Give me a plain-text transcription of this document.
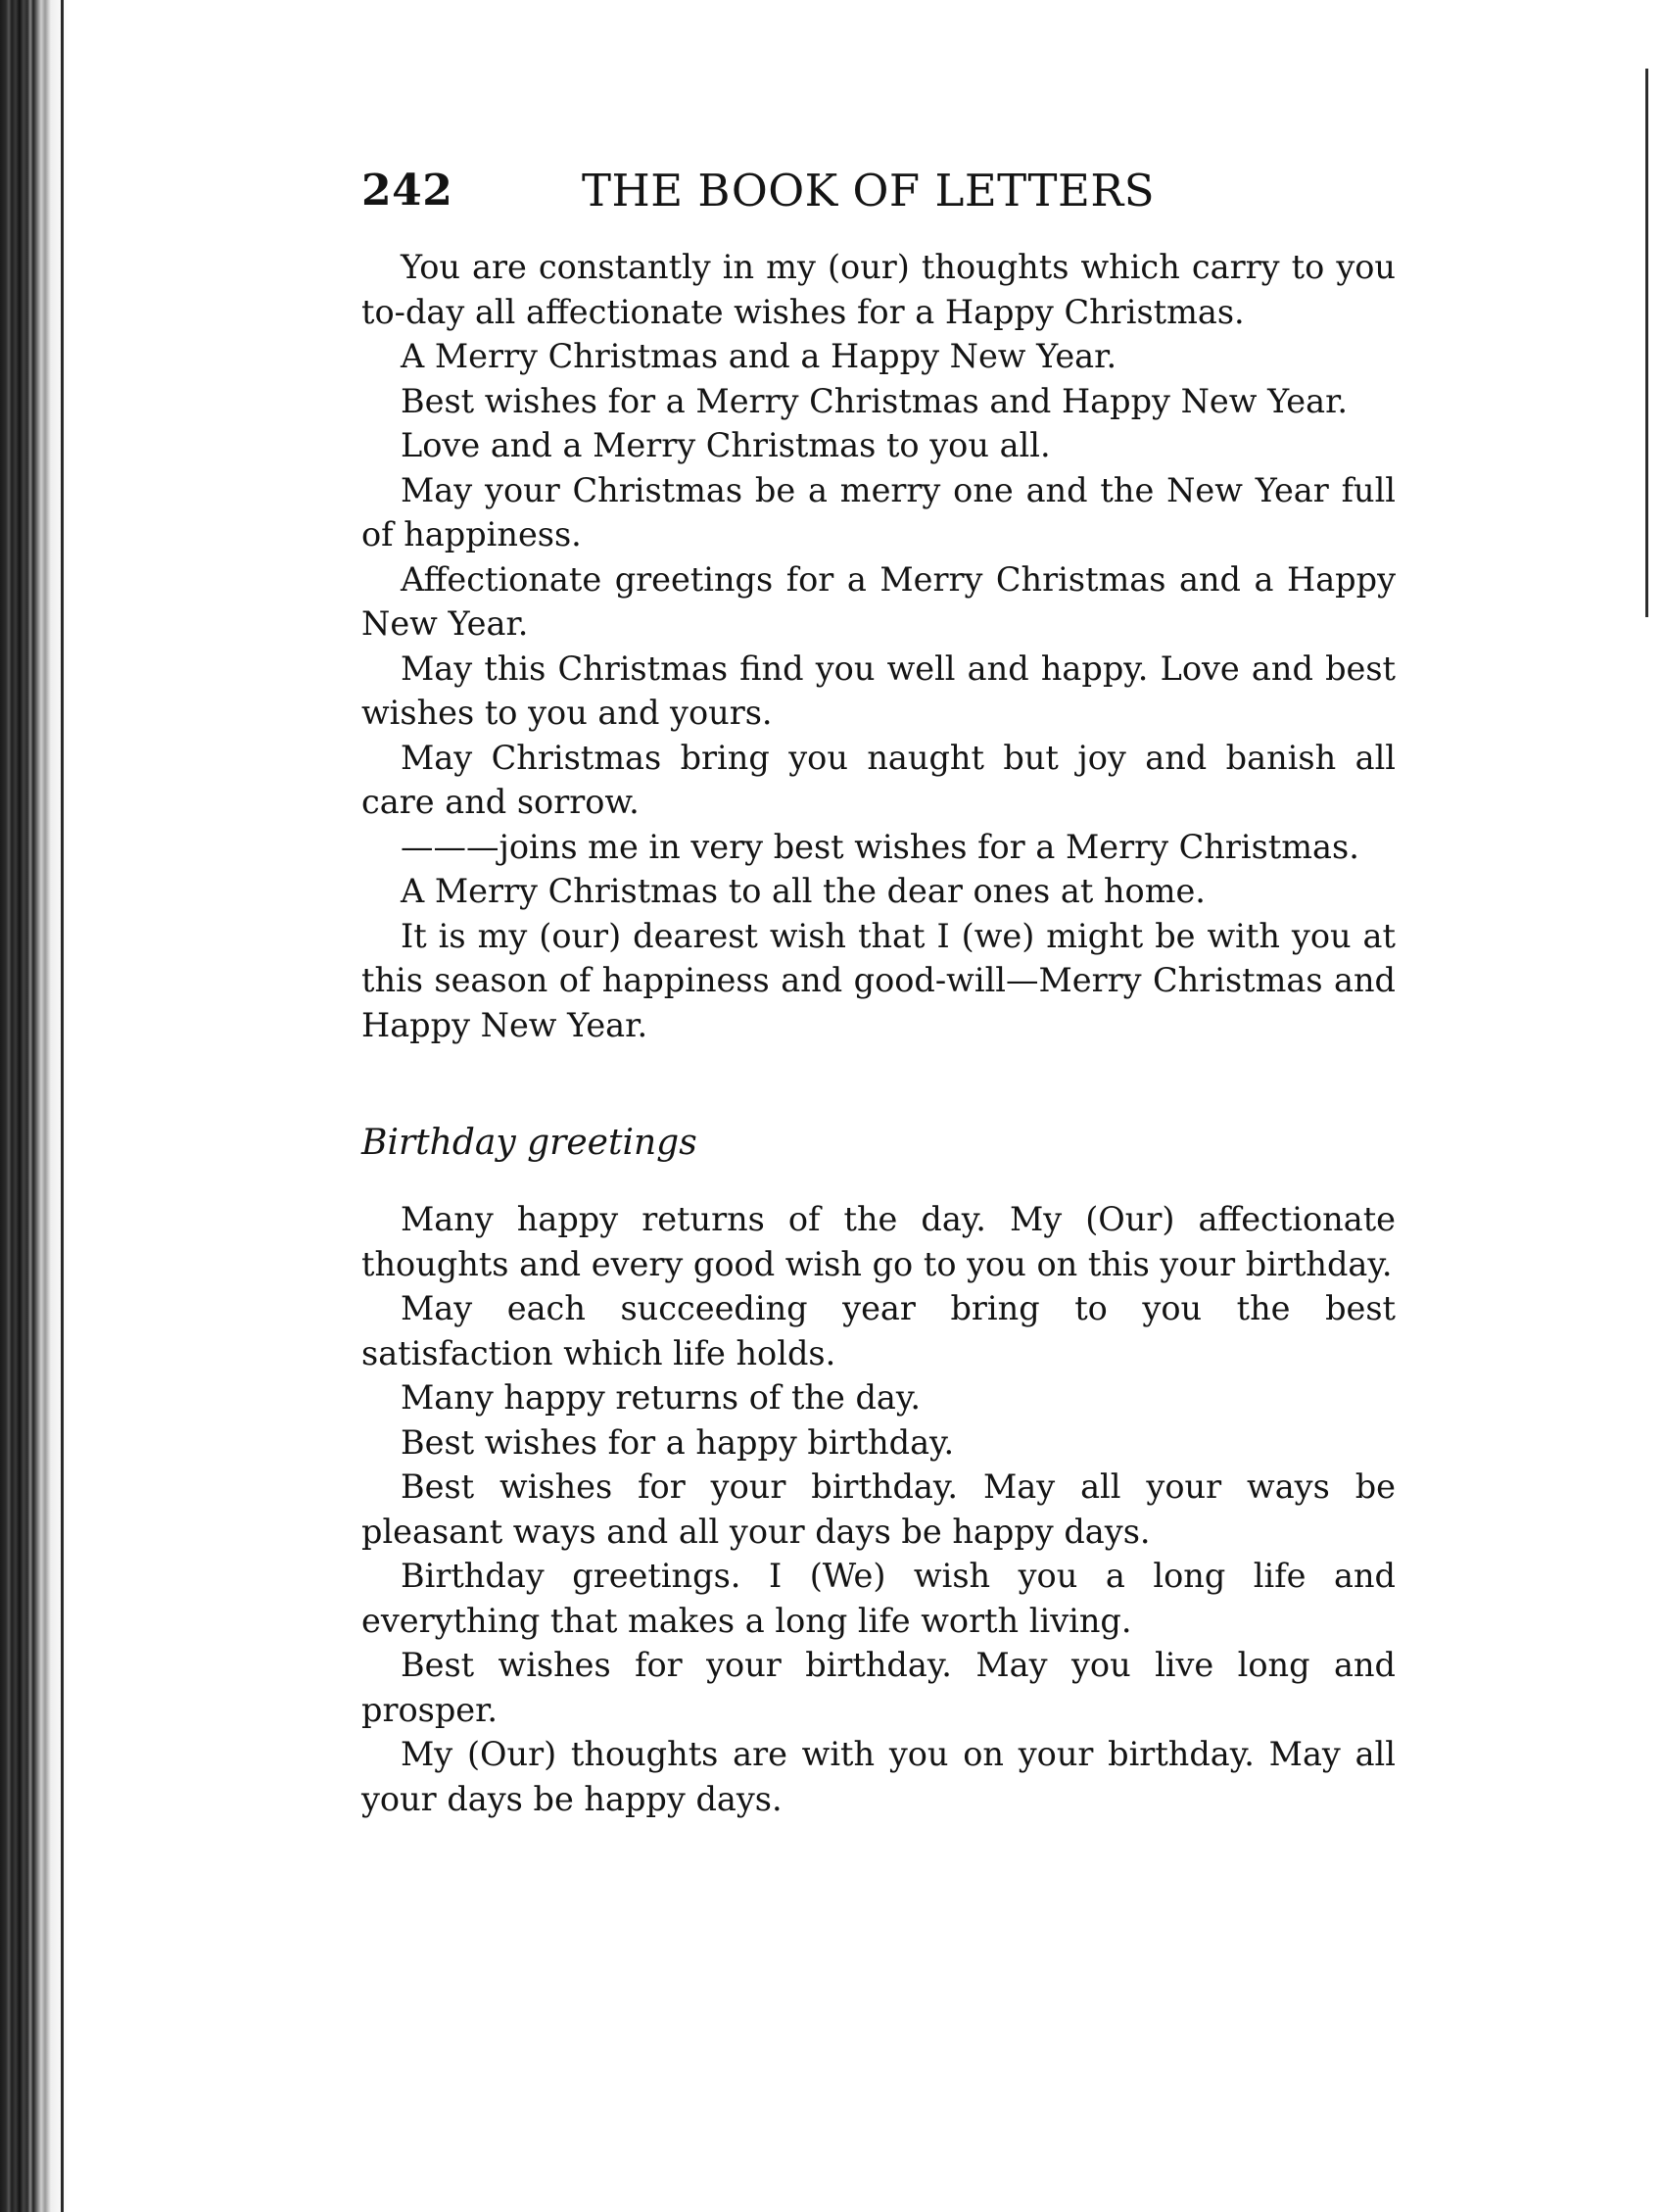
242	THE BOOK OF LETTERS

You are constantly in my (our) thoughts which carry to you to-day all affectionate wishes for a Happy Christmas.

A Merry Christmas and a Happy New Year.

Best wishes for a Merry Christmas and Happy New Year.

Love and a Merry Christmas to you all.

May your Christmas be a merry one and the New Year full of happiness.

Affectionate greetings for a Merry Christmas and a Happy New Year.

May this Christmas find you well and happy. Love and best wishes to you and yours.

May Christmas bring you naught but joy and banish all care and sorrow.

———joins me in very best wishes for a Merry Christmas.

A Merry Christmas to all the dear ones at home.

It is my (our) dearest wish that I (we) might be with you at this season of happiness and good-will—Merry Christmas and Happy New Year.

Birthday greetings

Many happy returns of the day. My (Our) affectionate thoughts and every good wish go to you on this your birthday.

May each succeeding year bring to you the best satisfaction which life holds.

Many happy returns of the day.

Best wishes for a happy birthday.

Best wishes for your birthday. May all your ways be pleasant ways and all your days be happy days.

Birthday greetings. I (We) wish you a long life and everything that makes a long life worth living.

Best wishes for your birthday. May you live long and prosper.

My (Our) thoughts are with you on your birthday. May all your days be happy days.
